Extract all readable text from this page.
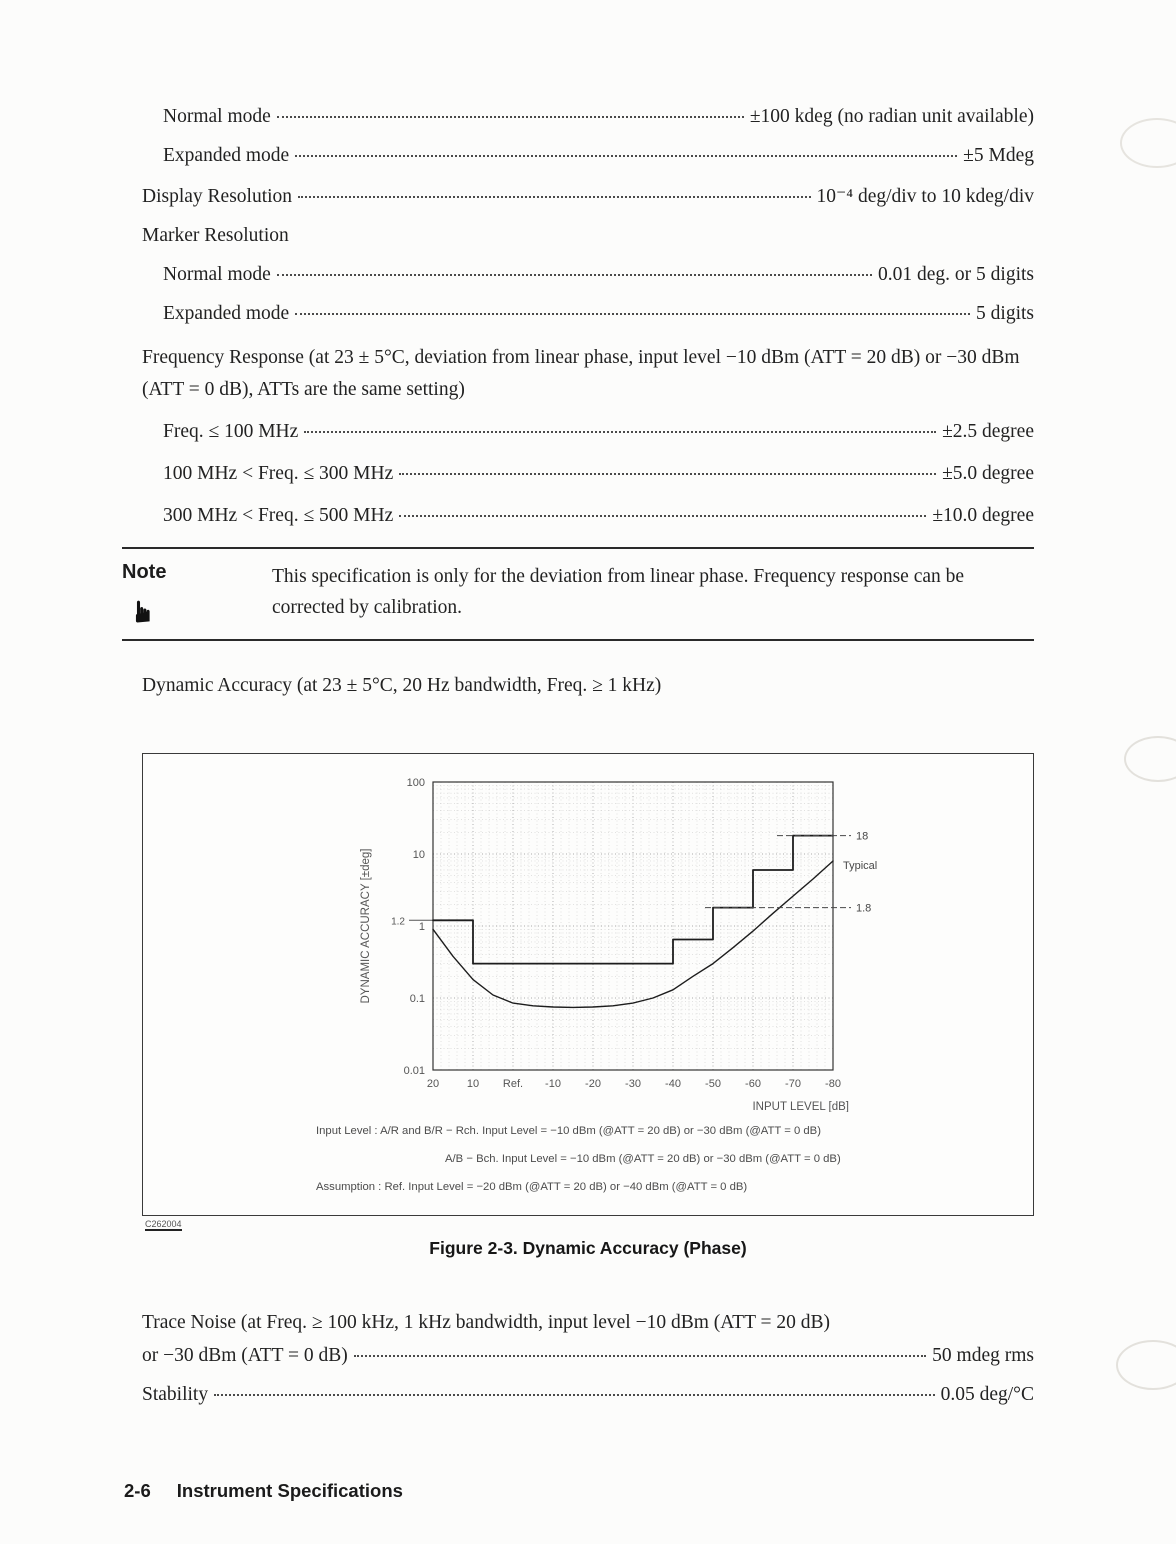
Normal mode	±100 kdeg (no radian unit available)
Expanded mode	±5 Mdeg
Display Resolution	10⁻⁴ deg/div to 10 kdeg/div
Marker Resolution
Normal mode	0.01 deg. or 5 digits
Expanded mode	5 digits

Frequency Response (at 23 ± 5°C, deviation from linear phase, input level −10 dBm (ATT = 20 dB) or −30 dBm (ATT = 0 dB), ATTs are the same setting)

Freq. ≤ 100 MHz	±2.5 degree
100 MHz < Freq. ≤ 300 MHz	±5.0 degree
300 MHz < Freq. ≤ 500 MHz	±10.0 degree
Note
☛

This specification is only for the deviation from linear phase. Frequency response can be corrected by calibration.

Dynamic Accuracy (at 23 ± 5°C, 20 Hz bandwidth, Freq. ≥ 1 kHz)

100
10
1
0.1
0.01
1.2
20	10 Ref. -10 -20 -30 -40 -50 -60 -70 -80
INPUT LEVEL [dB]
DYNAMIC ACCURACY [±deg]
18
1.8
Typical
Input Level : A/R and B/R − Rch. Input Level = −10 dBm (@ATT = 20 dB) or −30 dBm (@ATT = 0 dB)
A/B − Bch. Input Level = −10 dBm (@ATT = 20 dB) or −30 dBm (@ATT = 0 dB)
Assumption : Ref. Input Level = −20 dBm (@ATT = 20 dB) or −40 dBm (@ATT = 0 dB)
C262004

Figure 2-3. Dynamic Accuracy (Phase)

Trace Noise (at Freq. ≥ 100 kHz, 1 kHz bandwidth, input level −10 dBm (ATT = 20 dB)

or −30 dBm (ATT = 0 dB)	50 mdeg rms
Stability	0.05 deg/°C
2-6 Instrument Specifications
